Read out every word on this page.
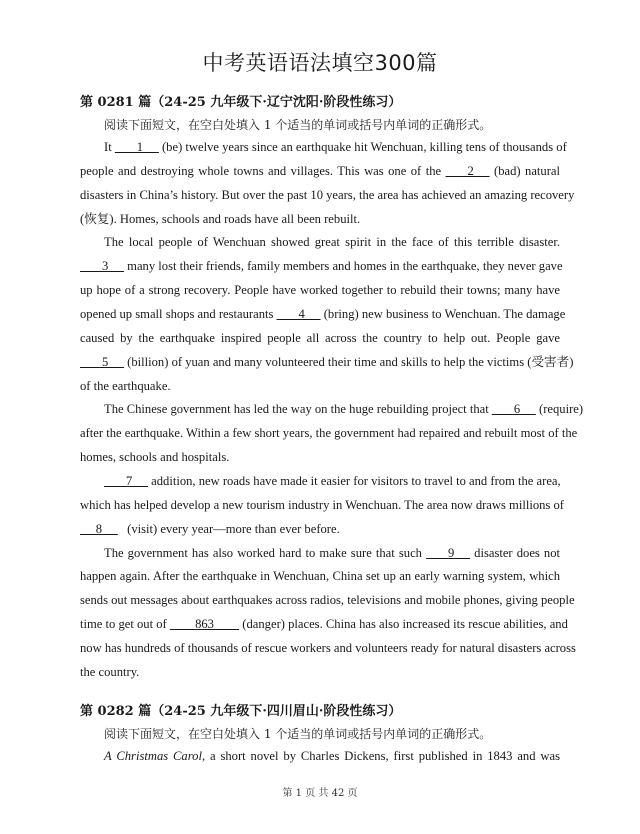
中考英语语法填空300篇
第 0281 篇（24-25 九年级下·辽宁沈阳·阶段性练习）
阅读下面短文，在空白处填入 1 个适当的单词或括号内单词的正确形式。
It      1      (be) twelve years since an earthquake hit Wenchuan, killing tens of thousands of
people and destroying whole towns and villages. This was one of the      2      (bad) natural
disasters in China’s history. But over the past 10 years, the area has achieved an amazing recovery
(恢复). Homes, schools and roads have all been rebuilt.
The local people of Wenchuan showed great spirit in the face of this terrible disaster.
3      many lost their friends, family members and homes in the earthquake, they never gave
up hope of a strong recovery. People have worked together to rebuild their towns; many have
opened up small shops and restaurants      4      (bring) new business to Wenchuan. The damage
caused by the earthquake inspired people all across the country to help out. People gave
5      (billion) of yuan and many volunteered their time and skills to help the victims (受害者)
of the earthquake.
The Chinese government has led the way on the huge rebuilding project that      6      (require)
after the earthquake. Within a few short years, the government had repaired and rebuilt most of the
homes, schools and hospitals.
7      addition, new roads have made it easier for visitors to travel to and from the area,
which has helped develop a new tourism industry in Wenchuan. The area now draws millions of
8      (visit) every year—more than ever before.
The government has also worked hard to make sure that such      9      disaster does not
happen again. After the earthquake in Wenchuan, China set up an early warning system, which
sends out messages about earthquakes across radios, televisions and mobile phones, giving people
time to get out of         863         (danger) places. China has also increased its rescue abilities, and
now has hundreds of thousands of rescue workers and volunteers ready for natural disasters across
the country.
第 0282 篇（24-25 九年级下·四川眉山·阶段性练习）
阅读下面短文，在空白处填入 1 个适当的单词或括号内单词的正确形式。
A Christmas Carol, a short novel by Charles Dickens, first published in 1843 and was
第 1 页 共 42 页
